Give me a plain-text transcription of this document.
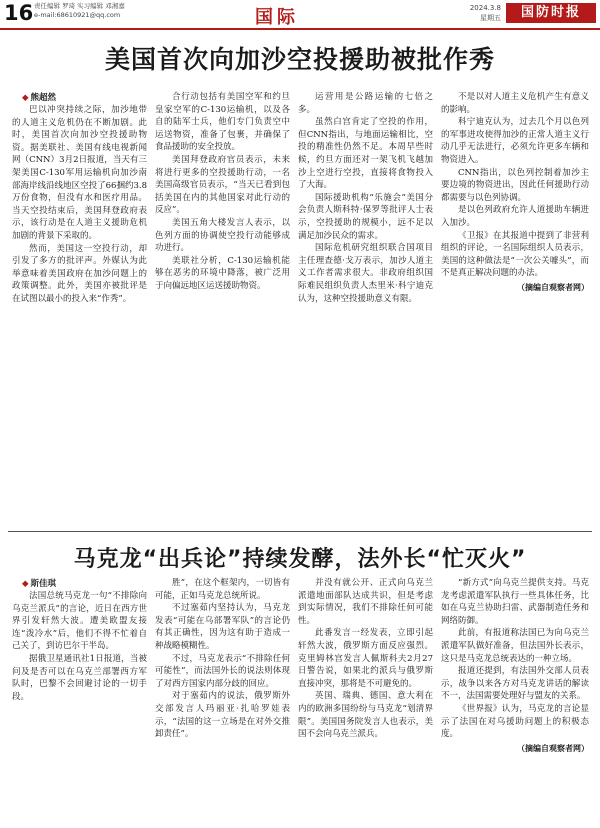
16 责任编辑 罗琦 实习编辑 邓湘嘉
e-mail:68610921@qq.com	国际	2024.3.8
星期五	国防时报
美国首次向加沙空投援助被批作秀
◆ 熊超然

巴以冲突持续之际，加沙地带的人道主义危机仍在不断加剧。此时，美国首次向加沙空投援助物资。据美联社、美国有线电视新闻网（CNN）3月2日报道，当天有三架美国C-130军用运输机向加沙南部海岸线沿线地区空投了66捆约3.8万份食物，但没有水和医疗用品。当天空投结束后，美国拜登政府表示，该行动是在人道主义援助危机加剧的背景下采取的。

然而，美国这一空投行动，却引发了多方的批评声。外媒认为此举意味着美国政府在加沙问题上的政策调整。此外，美国亦被批评是在试图以最小的投入来“作秀”。

合行动包括有美国空军和约旦皇家空军的C-130运输机，以及各自的陆军士兵，他们专门负责空中运送物资，准备了包裹，并确保了食品援助的安全投放。

美国拜登政府官员表示，未来将进行更多的空投援助行动，一名美国高级官员表示，“当天已看到包括美国在内的其他国家对此行动的反应”。

美国五角大楼发言人表示，以色列方面的协调使空投行动能够成功进行。

美联社分析，C-130运输机能够在恶劣的环境中降落，被广泛用于向偏远地区运送援助物资。

运营用是公路运输的七倍之多。

虽然白宫肯定了空投的作用，但CNN指出，与地面运输相比，空投的精准性仍然不足。本周早些时候，约旦方面还对一架飞机飞越加沙上空进行空投，直接将食物投入了大海。

国际援助机构“乐施会”美国分会负责人斯科特·保罗等批评人士表示，空投援助的规模小，远不足以满足加沙民众的需求。

国际危机研究组织联合国项目主任理查德·戈万表示，加沙人道主义工作者需求很大。非政府组织国际难民组织负责人杰里米·科宁迪克认为，这种空投援助意义有限。

不是以对人道主义危机产生有意义的影响。

科宁迪克认为，过去几个月以色列的军事进攻使得加沙的正常人道主义行动几乎无法进行，必须允许更多车辆和物资进入。

CNN指出，以色列控制着加沙主要边境的物资进出，因此任何援助行动都需要与以色列协调。

是以色列政府允许人道援助车辆进入加沙。

《卫报》在其报道中提到了非营利组织的评论，一名国际组织人员表示，美国的这种做法是“一次公关噱头”，而不是真正解决问题的办法。

（摘编自观察者网）
马克龙“出兵论”持续发酵，法外长“忙灭火”
◆ 斯佳琪

法国总统马克龙一句“不排除向乌克兰派兵”的言论，近日在西方世界引发轩然大波。遭美欧盟友接连“泼冷水”后，他们不得不忙着自己关了，到访巴尔干半岛。

据俄卫星通讯社1日报道，当被问及是否可以在乌克兰部署西方军队时，巴黎不会回避讨论的一切手段。

胜”，在这个框架内，一切皆有可能，正如马克龙总统所说。

不过塞茹内坚持认为，马克龙发表“可能在乌部署军队”的言论仍有其正确性，因为这有助于造成一种战略模糊性。

不过，马克龙表示“不排除任何可能性”，而法国外长的说法则体现了对西方国家内部分歧的回应。

对于塞茹内的说法，俄罗斯外交部发言人玛丽亚·扎哈罗娃表示，“法国的这一立场是在对外交推卸责任”。

并没有就公开、正式向乌克兰派遣地面部队达成共识，但是考虑到实际情况，我们不排除任何可能性。

此番发言一经发表，立即引起轩然大波，俄罗斯方面反应强烈。克里姆林宫发言人佩斯科夫2月27日警告说，如果北约派兵与俄罗斯直接冲突，那将是不可避免的。

英国、瑞典、德国、意大利在内的欧洲多国纷纷与马克龙“划清界限”。美国国务院发言人也表示，美国不会向乌克兰派兵。

“新方式”向乌克兰提供支持。马克龙考虑派遣军队执行一些具体任务，比如在乌克兰协助扫雷、武器制造任务和网络防御。

此前，有报道称法国已为向乌克兰派遣军队做好准备，但法国外长表示，这只是马克龙总统表达的一种立场。

报道还提到，有法国外交部人员表示，战争以来各方对马克龙讲话的解读不一，法国需要处理好与盟友的关系。

《世界报》认为，马克龙的言论显示了法国在对乌援助问题上的积极态度。

（摘编自观察者网）
